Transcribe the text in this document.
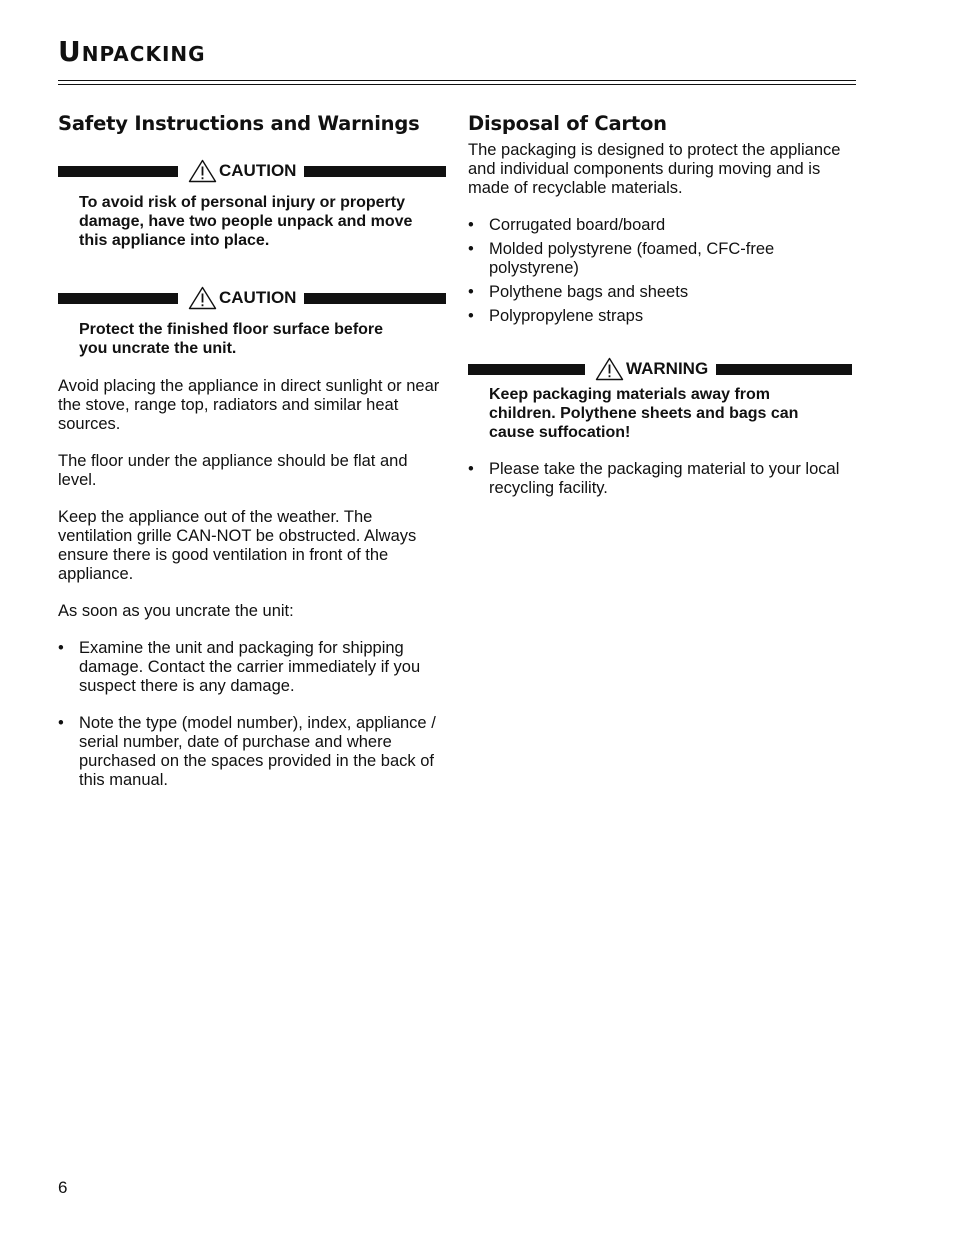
Unpacking
Safety Instructions and Warnings
CAUTION

To avoid risk of personal injury or property damage, have two people unpack and move this appliance into place.

CAUTION

Protect the finished floor surface before you uncrate the unit.

Avoid placing the appliance in direct sunlight or near the stove, range top, radiators and similar heat sources.

The floor under the appliance should be flat and level.

Keep the appliance out of the weather. The ventilation grille CAN-NOT be obstructed. Always ensure there is good ventilation in front of the appliance.

As soon as you uncrate the unit:

• Examine the unit and packaging for shipping damage. Contact the carrier immediately if you suspect there is any damage.
• Note the type (model number), index, appliance / serial number, date of purchase and where purchased on the spaces provided in the back of this manual.
Disposal of Carton

The packaging is designed to protect the appliance and individual components during moving and is made of recyclable materials.

• Corrugated board/board
• Molded polystyrene (foamed, CFC-free polystyrene)
• Polythene bags and sheets
• Polypropylene straps
WARNING

Keep packaging materials away from children. Polythene sheets and bags can cause suffocation!

• Please take the packaging material to your local recycling facility.
6
